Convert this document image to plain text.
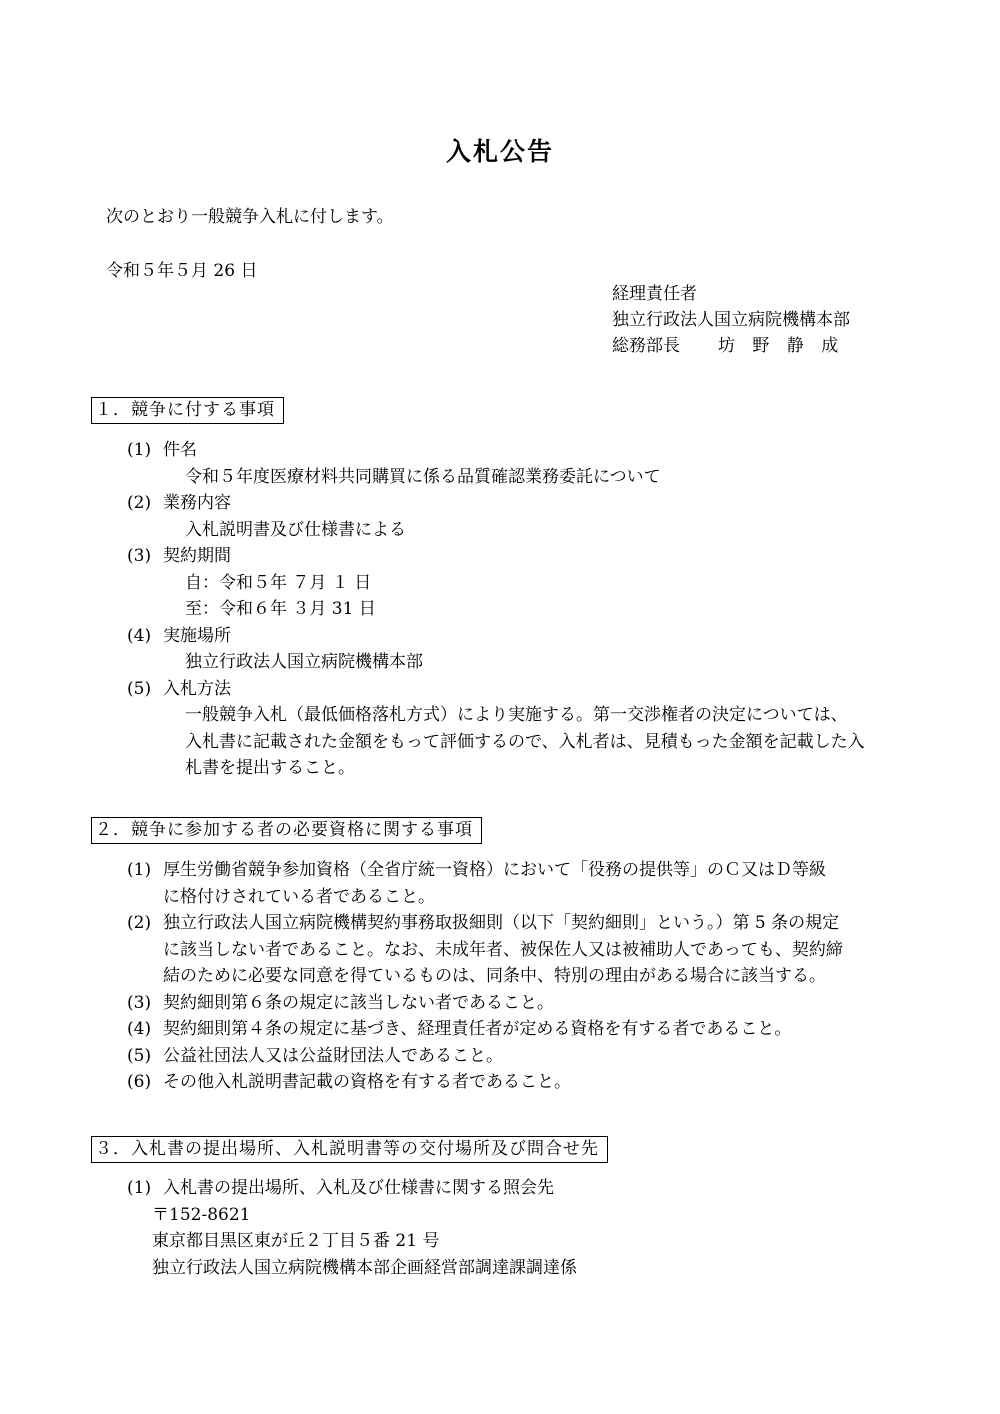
入札公告
次のとおり一般競争入札に付します。
令和５年５月 26 日
経理責任者
独立行政法人国立病院機構本部
総務部長 坊 野 静 成
１．競争に付する事項
(1) 件名
令和５年度医療材料共同購買に係る品質確認業務委託について
(2) 業務内容
入札説明書及び仕様書による
(3) 契約期間
自：令和５年 ７月 １ 日
至：令和６年 ３月 31 日
(4) 実施場所
独立行政法人国立病院機構本部
(5) 入札方法
一般競争入札（最低価格落札方式）により実施する。第一交渉権者の決定については、
入札書に記載された金額をもって評価するので、入札者は、見積もった金額を記載した入
札書を提出すること。
２．競争に参加する者の必要資格に関する事項
(1) 厚生労働省競争参加資格（全省庁統一資格）において「役務の提供等」のＣ又はＤ等級
に格付けされている者であること。
(2) 独立行政法人国立病院機構契約事務取扱細則（以下「契約細則」という。）第 5 条の規定
に該当しない者であること。なお、未成年者、被保佐人又は被補助人であっても、契約締
結のために必要な同意を得ているものは、同条中、特別の理由がある場合に該当する。
(3) 契約細則第６条の規定に該当しない者であること。
(4) 契約細則第４条の規定に基づき、経理責任者が定める資格を有する者であること。
(5) 公益社団法人又は公益財団法人であること。
(6) その他入札説明書記載の資格を有する者であること。
３．入札書の提出場所、入札説明書等の交付場所及び問合せ先
(1) 入札書の提出場所、入札及び仕様書に関する照会先
〒152-8621
東京都目黒区東が丘２丁目５番 21 号
独立行政法人国立病院機構本部企画経営部調達課調達係
